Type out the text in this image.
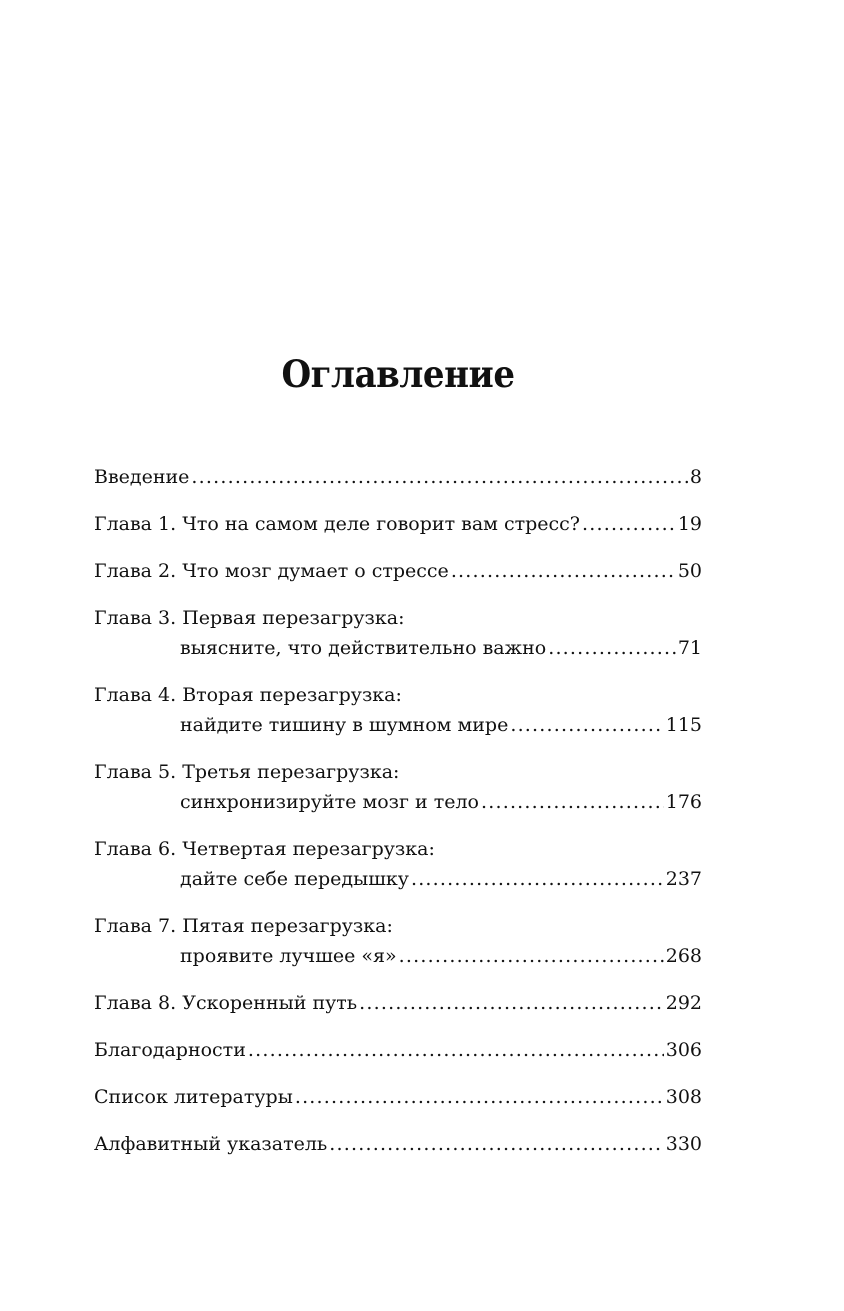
Оглавление
Введение .....	8
Глава 1. Что на самом деле говорит вам стресс? .....	19
Глава 2. Что мозг думает о стрессе .....	50
Глава 3. Первая перезагрузка:
выясните, что действительно важно .....	71
Глава 4. Вторая перезагрузка:
найдите тишину в шумном мире .....	115
Глава 5. Третья перезагрузка:
синхронизируйте мозг и тело .....	176
Глава 6. Четвертая перезагрузка:
дайте себе передышку .....	237
Глава 7. Пятая перезагрузка:
проявите лучшее «я» .....	268
Глава 8. Ускоренный путь .....	292
Благодарности .....	306
Список литературы .....	308
Алфавитный указатель .....	330
